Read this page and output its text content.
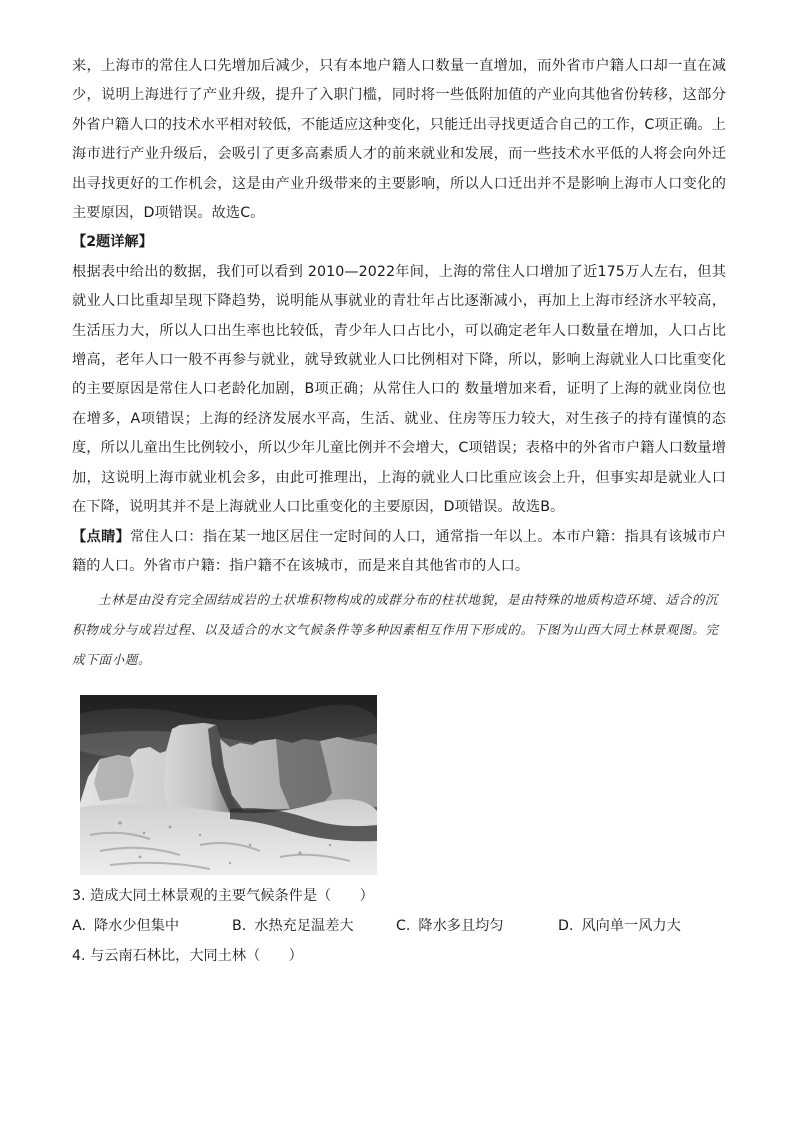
来，上海市的常住人口先增加后减少，只有本地户籍人口数量一直增加，而外省市户籍人口却一直在减少，说明上海进行了产业升级，提升了入职门槛，同时将一些低附加值的产业向其他省份转移，这部分外省户籍人口的技术水平相对较低，不能适应这种变化，只能迁出寻找更适合自己的工作，C项正确。上海市进行产业升级后，会吸引了更多高素质人才的前来就业和发展，而一些技术水平低的人将会向外迁出寻找更好的工作机会，这是由产业升级带来的主要影响，所以人口迁出并不是影响上海市人口变化的主要原因，D项错误。故选C。

【2题详解】

根据表中给出的数据，我们可以看到 2010—2022年间，上海的常住人口增加了近175万人左右，但其就业人口比重却呈现下降趋势，说明能从事就业的青壮年占比逐渐减小，再加上上海市经济水平较高，生活压力大，所以人口出生率也比较低，青少年人口占比小，可以确定老年人口数量在增加，人口占比增高，老年人口一般不再参与就业，就导致就业人口比例相对下降，所以，影响上海就业人口比重变化的主要原因是常住人口老龄化加剧，B项正确；从常住人口的 数量增加来看，证明了上海的就业岗位也在增多，A项错误；上海的经济发展水平高，生活、就业、住房等压力较大，对生孩子的持有谨慎的态度，所以儿童出生比例较小，所以少年儿童比例并不会增大，C项错误；表格中的外省市户籍人口数量增加，这说明上海市就业机会多，由此可推理出，上海的就业人口比重应该会上升，但事实却是就业人口在下降，说明其并不是上海就业人口比重变化的主要原因，D项错误。故选B。

【点睛】常住人口：指在某一地区居住一定时间的人口，通常指一年以上。本市户籍：指具有该城市户籍的人口。外省市户籍：指户籍不在该城市，而是来自其他省市的人口。

土林是由没有完全固结成岩的土状堆积物构成的成群分布的柱状地貌，是由特殊的地质构造环境、适合的沉积物成分与成岩过程、以及适合的水文气候条件等多种因素相互作用下形成的。下图为山西大同土林景观图。完成下面小题。

3. 造成大同土林景观的主要气候条件是（　　）

A. 降水少但集中	B. 水热充足温差大	C. 降水多且均匀	D. 风向单一风力大

4. 与云南石林比，大同土林（　　）
